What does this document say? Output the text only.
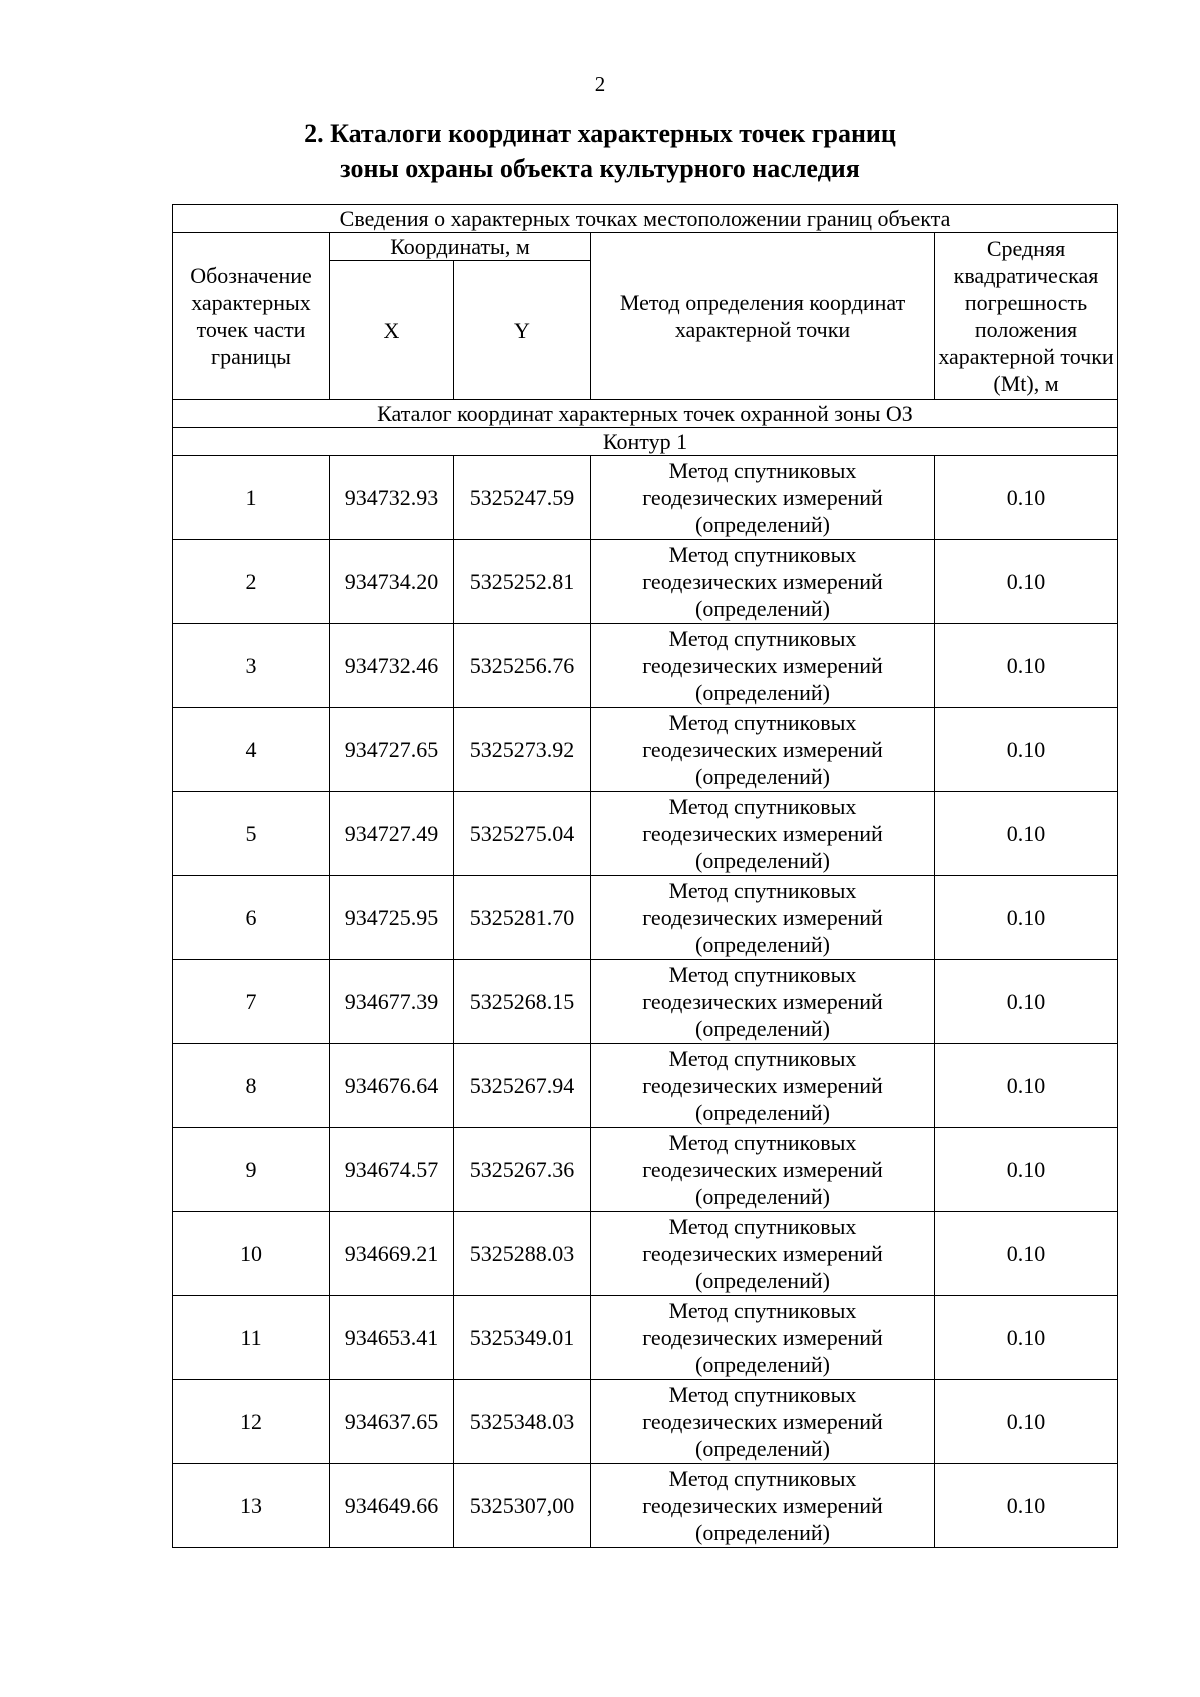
2
2. Каталоги координат характерных точек границ
зоны охраны объекта культурного наследия
Сведения о характерных точках местоположении границ объекта				
Обозначение характерных точек части границы	Координаты, м		Метод определения координат характерной точки	Средняя квадратическая погрешность положения характерной точки (Mt), м
	X	Y		
Каталог координат характерных точек охранной зоны ОЗ				
Контур 1				
1	934732.93	5325247.59	Метод спутниковых
геодезических измерений
(определений)	0.10
2	934734.20	5325252.81	Метод спутниковых
геодезических измерений
(определений)	0.10
3	934732.46	5325256.76	Метод спутниковых
геодезических измерений
(определений)	0.10
4	934727.65	5325273.92	Метод спутниковых
геодезических измерений
(определений)	0.10
5	934727.49	5325275.04	Метод спутниковых
геодезических измерений
(определений)	0.10
6	934725.95	5325281.70	Метод спутниковых
геодезических измерений
(определений)	0.10
7	934677.39	5325268.15	Метод спутниковых
геодезических измерений
(определений)	0.10
8	934676.64	5325267.94	Метод спутниковых
геодезических измерений
(определений)	0.10
9	934674.57	5325267.36	Метод спутниковых
геодезических измерений
(определений)	0.10
10	934669.21	5325288.03	Метод спутниковых
геодезических измерений
(определений)	0.10
11	934653.41	5325349.01	Метод спутниковых
геодезических измерений
(определений)	0.10
12	934637.65	5325348.03	Метод спутниковых
геодезических измерений
(определений)	0.10
13	934649.66	5325307,00	Метод спутниковых
геодезических измерений
(определений)	0.10
